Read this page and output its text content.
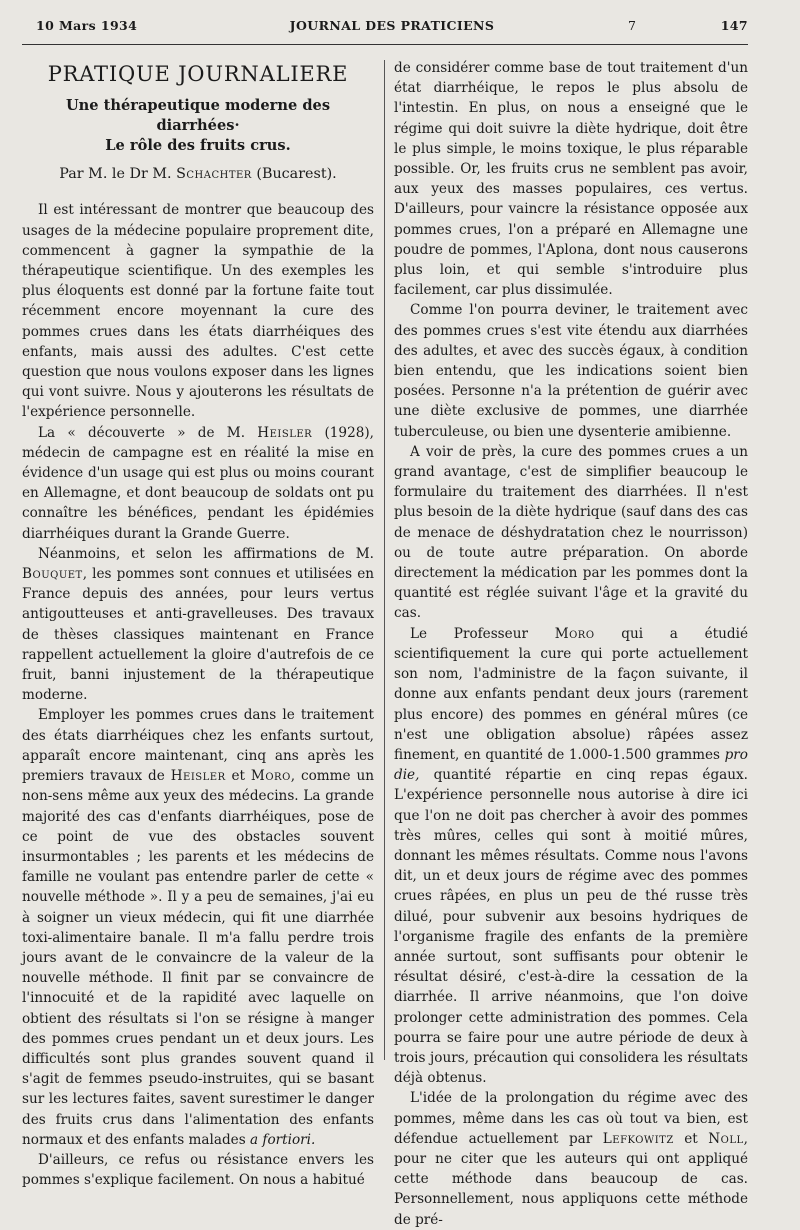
10 Mars 1934	JOURNAL DES PRATICIENS	7	147
PRATIQUE JOURNALIERE
Une thérapeutique moderne des diarrhées·
Le rôle des fruits crus.
Par M. le Dr M. Schachter (Bucarest).

Il est intéressant de montrer que beaucoup des usages de la médecine populaire proprement dite, commencent à gagner la sympathie de la thérapeutique scientifique. Un des exemples les plus éloquents est donné par la fortune faite tout récemment encore moyennant la cure des pommes crues dans les états diarrhéiques des enfants, mais aussi des adultes. C'est cette question que nous voulons exposer dans les lignes qui vont suivre. Nous y ajouterons les résultats de l'expérience personnelle.

La « découverte » de M. Heisler (1928), médecin de campagne est en réalité la mise en évidence d'un usage qui est plus ou moins courant en Allemagne, et dont beaucoup de soldats ont pu connaître les bénéfices, pendant les épidémies diarrhéiques durant la Grande Guerre.

Néanmoins, et selon les affirmations de M. Bouquet, les pommes sont connues et utilisées en France depuis des années, pour leurs vertus antigoutteuses et anti-gravelleuses. Des travaux de thèses classiques maintenant en France rappellent actuellement la gloire d'autrefois de ce fruit, banni injustement de la thérapeutique moderne.

Employer les pommes crues dans le traitement des états diarrhéiques chez les enfants surtout, apparaît encore maintenant, cinq ans après les premiers travaux de Heisler et Moro, comme un non-sens même aux yeux des médecins. La grande majorité des cas d'enfants diarrhéiques, pose de ce point de vue des obstacles souvent insurmontables ; les parents et les médecins de famille ne voulant pas entendre parler de cette « nouvelle méthode ». Il y a peu de semaines, j'ai eu à soigner un vieux médecin, qui fit une diarrhée toxi-alimentaire banale. Il m'a fallu perdre trois jours avant de le convaincre de la valeur de la nouvelle méthode. Il finit par se convaincre de l'innocuité et de la rapidité avec laquelle on obtient des résultats si l'on se résigne à manger des pommes crues pendant un et deux jours. Les difficultés sont plus grandes souvent quand il s'agit de femmes pseudo-instruites, qui se basant sur les lectures faites, savent surestimer le danger des fruits crus dans l'alimentation des enfants normaux et des enfants malades a fortiori.

D'ailleurs, ce refus ou résistance envers les pommes s'explique facilement. On nous a habitué

de considérer comme base de tout traitement d'un état diarrhéique, le repos le plus absolu de l'intestin. En plus, on nous a enseigné que le régime qui doit suivre la diète hydrique, doit être le plus simple, le moins toxique, le plus réparable possible. Or, les fruits crus ne semblent pas avoir, aux yeux des masses populaires, ces vertus. D'ailleurs, pour vaincre la résistance opposée aux pommes crues, l'on a préparé en Allemagne une poudre de pommes, l'Aplona, dont nous causerons plus loin, et qui semble s'introduire plus facilement, car plus dissimulée.

Comme l'on pourra deviner, le traitement avec des pommes crues s'est vite étendu aux diarrhées des adultes, et avec des succès égaux, à condition bien entendu, que les indications soient bien posées. Personne n'a la prétention de guérir avec une diète exclusive de pommes, une diarrhée tuberculeuse, ou bien une dysenterie amibienne.

A voir de près, la cure des pommes crues a un grand avantage, c'est de simplifier beaucoup le formulaire du traitement des diarrhées. Il n'est plus besoin de la diète hydrique (sauf dans des cas de menace de déshydratation chez le nourrisson) ou de toute autre préparation. On aborde directement la médication par les pommes dont la quantité est réglée suivant l'âge et la gravité du cas.

Le Professeur Moro qui a étudié scientifiquement la cure qui porte actuellement son nom, l'administre de la façon suivante, il donne aux enfants pendant deux jours (rarement plus encore) des pommes en général mûres (ce n'est une obligation absolue) râpées assez finement, en quantité de 1.000-1.500 grammes pro die, quantité répartie en cinq repas égaux. L'expérience personnelle nous autorise à dire ici que l'on ne doit pas chercher à avoir des pommes très mûres, celles qui sont à moitié mûres, donnant les mêmes résultats. Comme nous l'avons dit, un et deux jours de régime avec des pommes crues râpées, en plus un peu de thé russe très dilué, pour subvenir aux besoins hydriques de l'organisme fragile des enfants de la première année surtout, sont suffisants pour obtenir le résultat désiré, c'est-à-dire la cessation de la diarrhée. Il arrive néanmoins, que l'on doive prolonger cette administration des pommes. Cela pourra se faire pour une autre période de deux à trois jours, précaution qui consolidera les résultats déjà obtenus.

L'idée de la prolongation du régime avec des pommes, même dans les cas où tout va bien, est défendue actuellement par Lefkowitz et Noll, pour ne citer que les auteurs qui ont appliqué cette méthode dans beaucoup de cas. Personnellement, nous appliquons cette méthode de pré-
